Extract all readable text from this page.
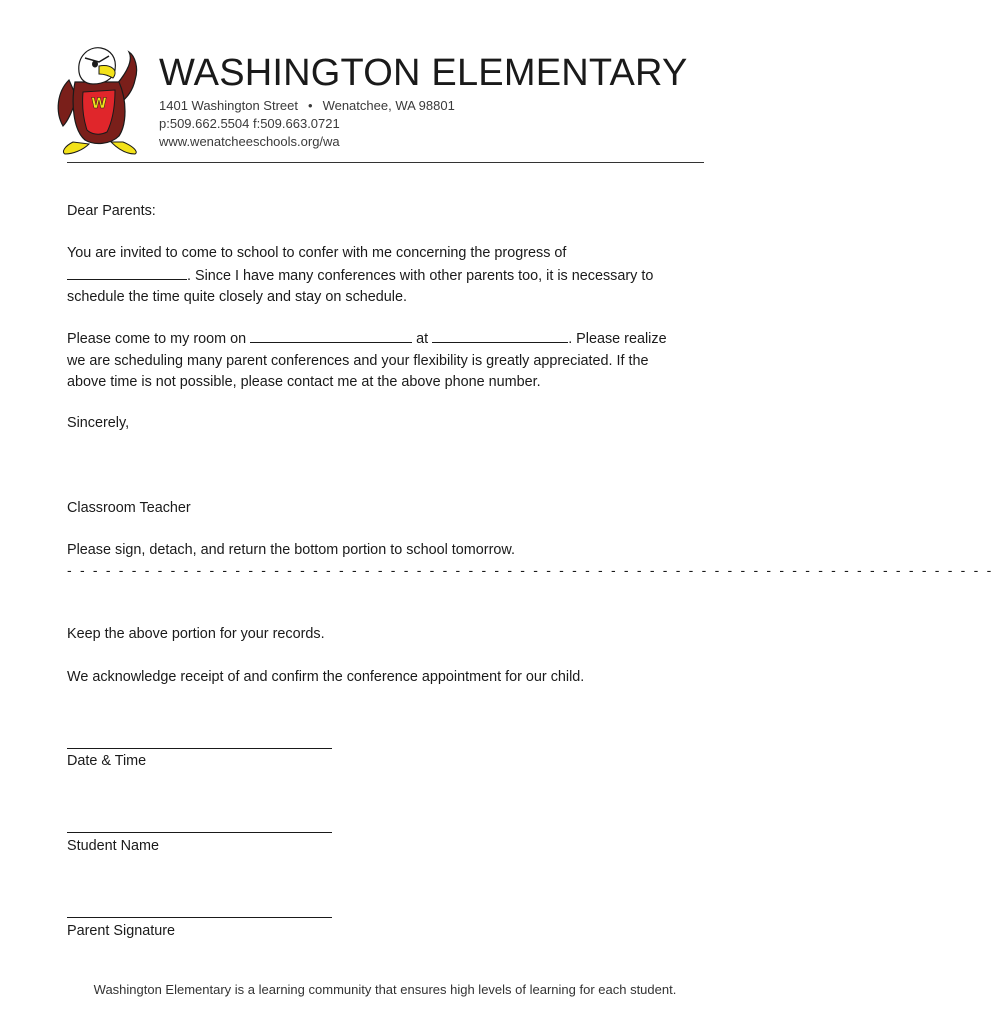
W
WASHINGTON ELEMENTARY
1401 Washington Street • Wenatchee, WA 98801
p:509.662.5504 f:509.663.0721
www.wenatcheeschools.org/wa
Dear Parents:
You are invited to come to school to confer with me concerning the progress of
. Since I have many conferences with other parents too, it is necessary to
schedule the time quite closely and stay on schedule.
Please come to my room on	at	. Please realize
we are scheduling many parent conferences and your flexibility is greatly appreciated. If the
above time is not possible, please contact me at the above phone number.
Sincerely,
Classroom Teacher
Please sign, detach, and return the bottom portion to school tomorrow.
- - - - - - - - - - - - - - - - - - - - - - - - - - - - - - - - - - - - - - - - - - - - - - - - - - - - - - - - - - - - - - - - - - - - - - - -
Keep the above portion for your records.
We acknowledge receipt of and confirm the conference appointment for our child.
Date & Time
Student Name
Parent Signature
Washington Elementary is a learning community that ensures high levels of learning for each student.
